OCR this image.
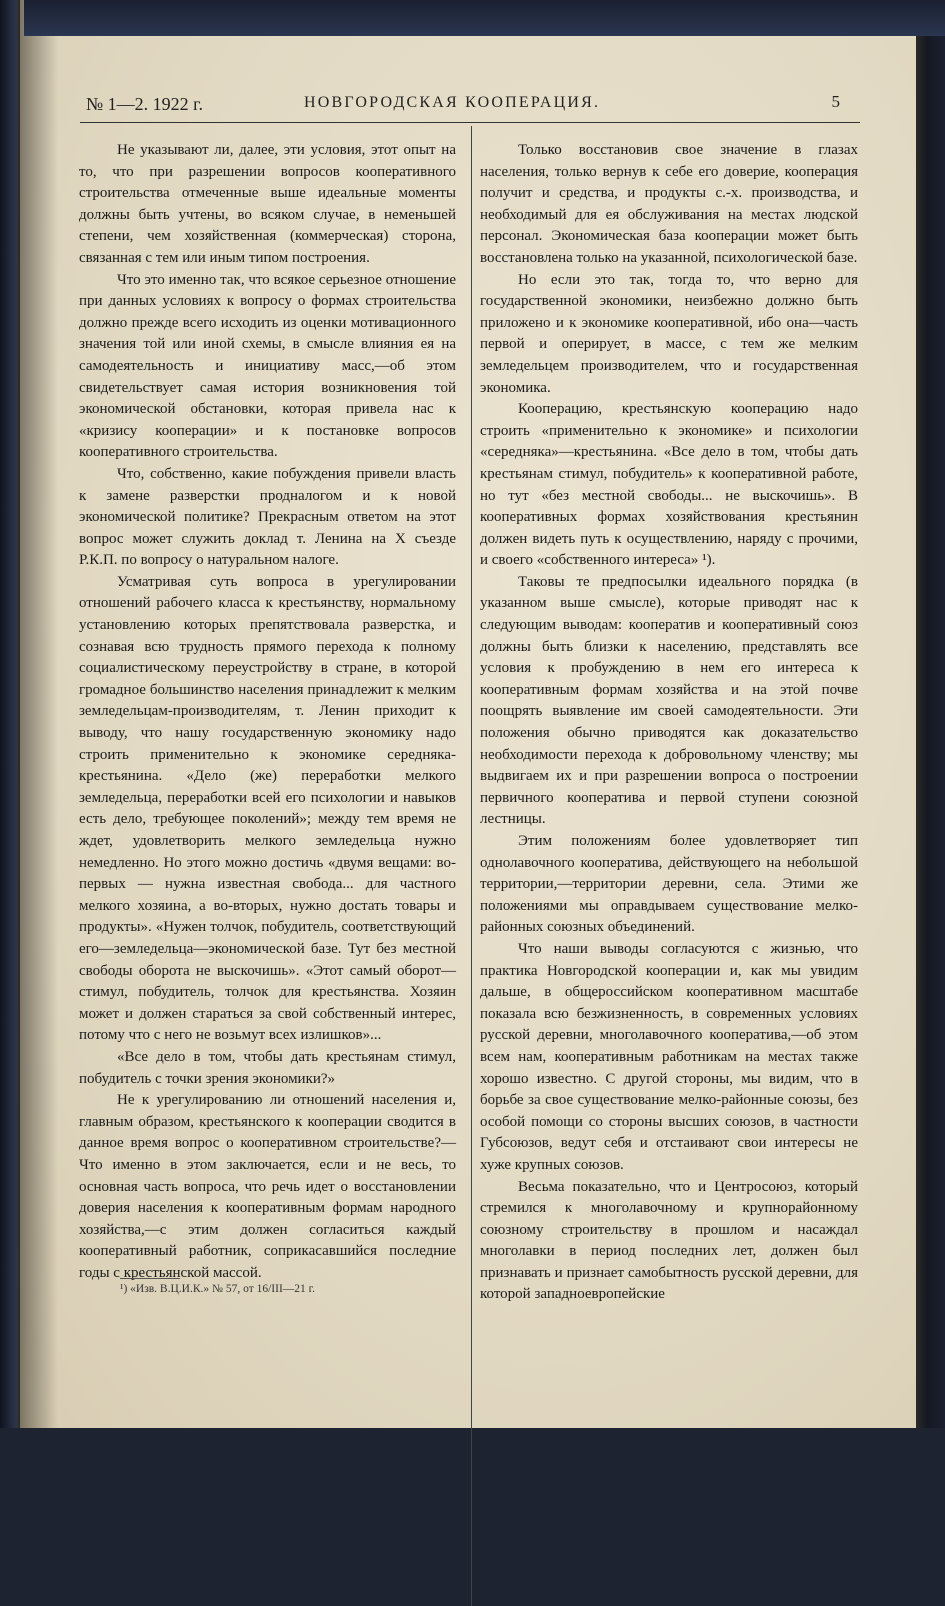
№ 1—2. 1922 г.	НОВГОРОДСКАЯ КООПЕРАЦИЯ.	5

Не указывают ли, далее, эти условия, этот опыт на то, что при разрешении вопросов кооперативного строительства отмеченные выше идеальные моменты должны быть учтены, во всяком случае, в неменьшей степени, чем хозяйственная (коммерческая) сторона, связанная с тем или иным типом построения.

Что это именно так, что всякое серьезное отношение при данных условиях к вопросу о формах строительства должно прежде всего исходить из оценки мотивационного значения той или иной схемы, в смысле влияния ея на самодеятельность и инициативу масс,—об этом свидетельствует самая история возникновения той экономической обстановки, которая привела нас к «кризису кооперации» и к постановке вопросов кооперативного строительства.

Что, собственно, какие побуждения привели власть к замене разверстки продналогом и к новой экономической политике? Прекрасным ответом на этот вопрос может служить доклад т. Ленина на X съезде Р.К.П. по вопросу о натуральном налоге.

Усматривая суть вопроса в урегулировании отношений рабочего класса к крестьянству, нормальному установлению которых препятствовала разверстка, и сознавая всю трудность прямого перехода к полному социалистическому переустройству в стране, в которой громадное большинство населения принадлежит к мелким земледельцам-производителям, т. Ленин приходит к выводу, что нашу государственную экономику надо строить применительно к экономике середняка-крестьянина. «Дело (же) переработки мелкого земледельца, переработки всей его психологии и навыков есть дело, требующее поколений»; между тем время не ждет, удовлетворить мелкого земледельца нужно немедленно. Но этого можно достичь «двумя вещами: во-первых — нужна известная свобода... для частного мелкого хозяина, а во-вторых, нужно достать товары и продукты». «Нужен толчок, побудитель, соответствующий его—земледельца—экономической базе. Тут без местной свободы оборота не выскочишь». «Этот самый оборот—стимул, побудитель, толчок для крестьянства. Хозяин может и должен стараться за свой собственный интерес, потому что с него не возьмут всех излишков»...

«Все дело в том, чтобы дать крестьянам стимул, побудитель с точки зрения экономики?»

Не к урегулированию ли отношений населения и, главным образом, крестьянского к кооперации сводится в данное время вопрос о кооперативном строительстве?—Что именно в этом заключается, если и не весь, то основная часть вопроса, что речь идет о восстановлении доверия населения к кооперативным формам народного хозяйства,—с этим должен согласиться каждый кооперативный работник, соприкасавшийся последние годы с крестьянской массой.

Только восстановив свое значение в глазах населения, только вернув к себе его доверие, кооперация получит и средства, и продукты с.-х. производства, и необходимый для ея обслуживания на местах людской персонал. Экономическая база кооперации может быть восстановлена только на указанной, психологической базе.

Но если это так, тогда то, что верно для государственной экономики, неизбежно должно быть приложено и к экономике кооперативной, ибо она—часть первой и оперирует, в массе, с тем же мелким земледельцем производителем, что и государственная экономика.

Кооперацию, крестьянскую кооперацию надо строить «применительно к экономике» и психологии «середняка»—крестьянина. «Все дело в том, чтобы дать крестьянам стимул, побудитель» к кооперативной работе, но тут «без местной свободы... не выскочишь». В кооперативных формах хозяйствования крестьянин должен видеть путь к осуществлению, наряду с прочими, и своего «собственного интереса» ¹).

Таковы те предпосылки идеального порядка (в указанном выше смысле), которые приводят нас к следующим выводам: кооператив и кооперативный союз должны быть близки к населению, представлять все условия к пробуждению в нем его интереса к кооперативным формам хозяйства и на этой почве поощрять выявление им своей самодеятельности. Эти положения обычно приводятся как доказательство необходимости перехода к добровольному членству; мы выдвигаем их и при разрешении вопроса о построении первичного кооператива и первой ступени союзной лестницы.

Этим положениям более удовлетворяет тип однолавочного кооператива, действующего на небольшой территории,—территории деревни, села. Этими же положениями мы оправдываем существование мелко-районных союзных объединений.

Что наши выводы согласуются с жизнью, что практика Новгородской кооперации и, как мы увидим дальше, в общероссийском кооперативном масштабе показала всю безжизненность, в современных условиях русской деревни, многолавочного кооператива,—об этом всем нам, кооперативным работникам на местах также хорошо известно. С другой стороны, мы видим, что в борьбе за свое существование мелко-районные союзы, без особой помощи со стороны высших союзов, в частности Губсоюзов, ведут себя и отстаивают свои интересы не хуже крупных союзов.

Весьма показательно, что и Центросоюз, который стремился к многолавочному и крупнорайонному союзному строительству в прошлом и насаждал многолавки в период последних лет, должен был признавать и признает самобытность русской деревни, для которой западноевропейские

¹) «Изв. В.Ц.И.К.» № 57, от 16/III—21 г.
